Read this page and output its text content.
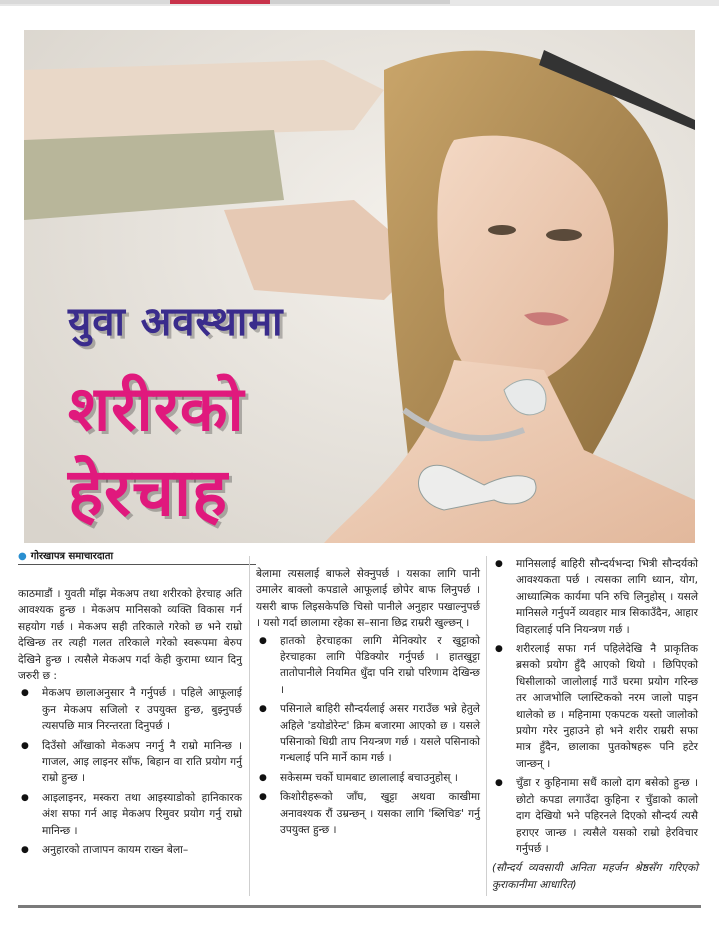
युवा अवस्थामा
शरीरको
हेरचाह
● गोरखापत्र समाचारदाता

काठमाडौं । युवती माँझ मेकअप तथा शरीरको हेरचाह अति आवश्यक हुन्छ । मेकअप मानिसको व्यक्ति विकास गर्न सहयोग गर्छ । मेकअप सही तरिकाले गरेको छ भने राम्रो देखिन्छ तर त्यही गलत तरिकाले गरेको स्वरूपमा बेरुप देखिने हुन्छ । त्यसैले मेकअप गर्दा केही कुरामा ध्यान दिनु जरुरी छ :

● मेकअप छालाअनुसार नै गर्नुपर्छ । पहिले आफूलाई कुन मेकअप सजिलो र उपयुक्त हुन्छ, बुझ्नुपर्छ त्यसपछि मात्र निरन्तरता दिनुपर्छ ।
● दिउँसो आँखाको मेकअप नगर्नु नै राम्रो मानिन्छ । गाजल, आइ लाइनर साँफ, बिहान वा राति प्रयोग गर्नु राम्रो हुन्छ ।
● आइलाइनर, मस्करा तथा आइस्याडोको हानिकारक अंश सफा गर्न आइ मेकअप रिमुवर प्रयोग गर्नु राम्रो मानिन्छ ।
● अनुहारको ताजापन कायम राख्न बेला–

बेलामा त्यसलाई बाफले सेक्नुपर्छ । यसका लागि पानी उमालेर बाक्लो कपडाले आफूलाई छोपेर बाफ लिनुपर्छ । यसरी बाफ लिइसकेपछि चिसो पानीले अनुहार पखाल्नुपर्छ । यसो गर्दा छालामा रहेका स–साना छिद्र राम्ररी खुल्छन् ।

● हातको हेरचाहका लागि मेनिक्योर र खुट्टाको हेरचाहका लागि पेडिक्योर गर्नुपर्छ । हातखुट्टा तातोपानीले नियमित धुँदा पनि राम्रो परिणाम देखिन्छ ।
● पसिनाले बाहिरी सौन्दर्यलाई असर गराउँछ भन्ने हेतुले अहिले 'डयोडोरेन्ट' क्रिम बजारमा आएको छ । यसले पसिनाको धिग्री ताप नियन्त्रण गर्छ । यसले पसिनाको गन्धलाई पनि मार्ने काम गर्छ ।
● सकेसम्म चर्को घामबाट छालालाई बचाउनुहोस् ।
● किशोरीहरूको जाँघ, खुट्टा अथवा काखीमा अनावश्यक रौं उम्रन्छन् । यसका लागि 'ब्लिचिङ' गर्नु उपयुक्त हुन्छ ।
● मानिसलाई बाहिरी सौन्दर्यभन्दा भित्री सौन्दर्यको आवश्यकता पर्छ । त्यसका लागि ध्यान, योग, आध्यात्मिक कार्यमा पनि रुचि लिनुहोस् । यसले मानिसले गर्नुपर्ने व्यवहार मात्र सिकाउँदैन, आहार विहारलाई पनि नियन्त्रण गर्छ ।
● शरीरलाई सफा गर्न पहिलेदेखि नै प्राकृतिक ब्रसको प्रयोग हुँदै आएको थियो । छिपिएको धिसीलाको जालोलाई गाउँ घरमा प्रयोग गरिन्छ तर आजभोलि प्लास्टिकको नरम जालो पाइन थालेको छ । महिनामा एकपटक यस्तो जालोको प्रयोग गरेर नुहाउने हो भने शरीर राम्ररी सफा मात्र हुँदैन, छालाका पुतकोषहरू पनि हटेर जान्छन् ।
● चुँडा र कुहिनामा सधैं कालो दाग बसेको हुन्छ । छोटो कपडा लगाउँदा कुहिना र चुँडाको कालो दाग देखियो भने पहिरनले दिएको सौन्दर्य त्यसै हराएर जान्छ । त्यसैले यसको राम्रो हेरविचार गर्नुपर्छ ।

(सौन्दर्य व्यवसायी अनिता महर्जन श्रेष्ठसँग गरिएको कुराकानीमा आधारित)
